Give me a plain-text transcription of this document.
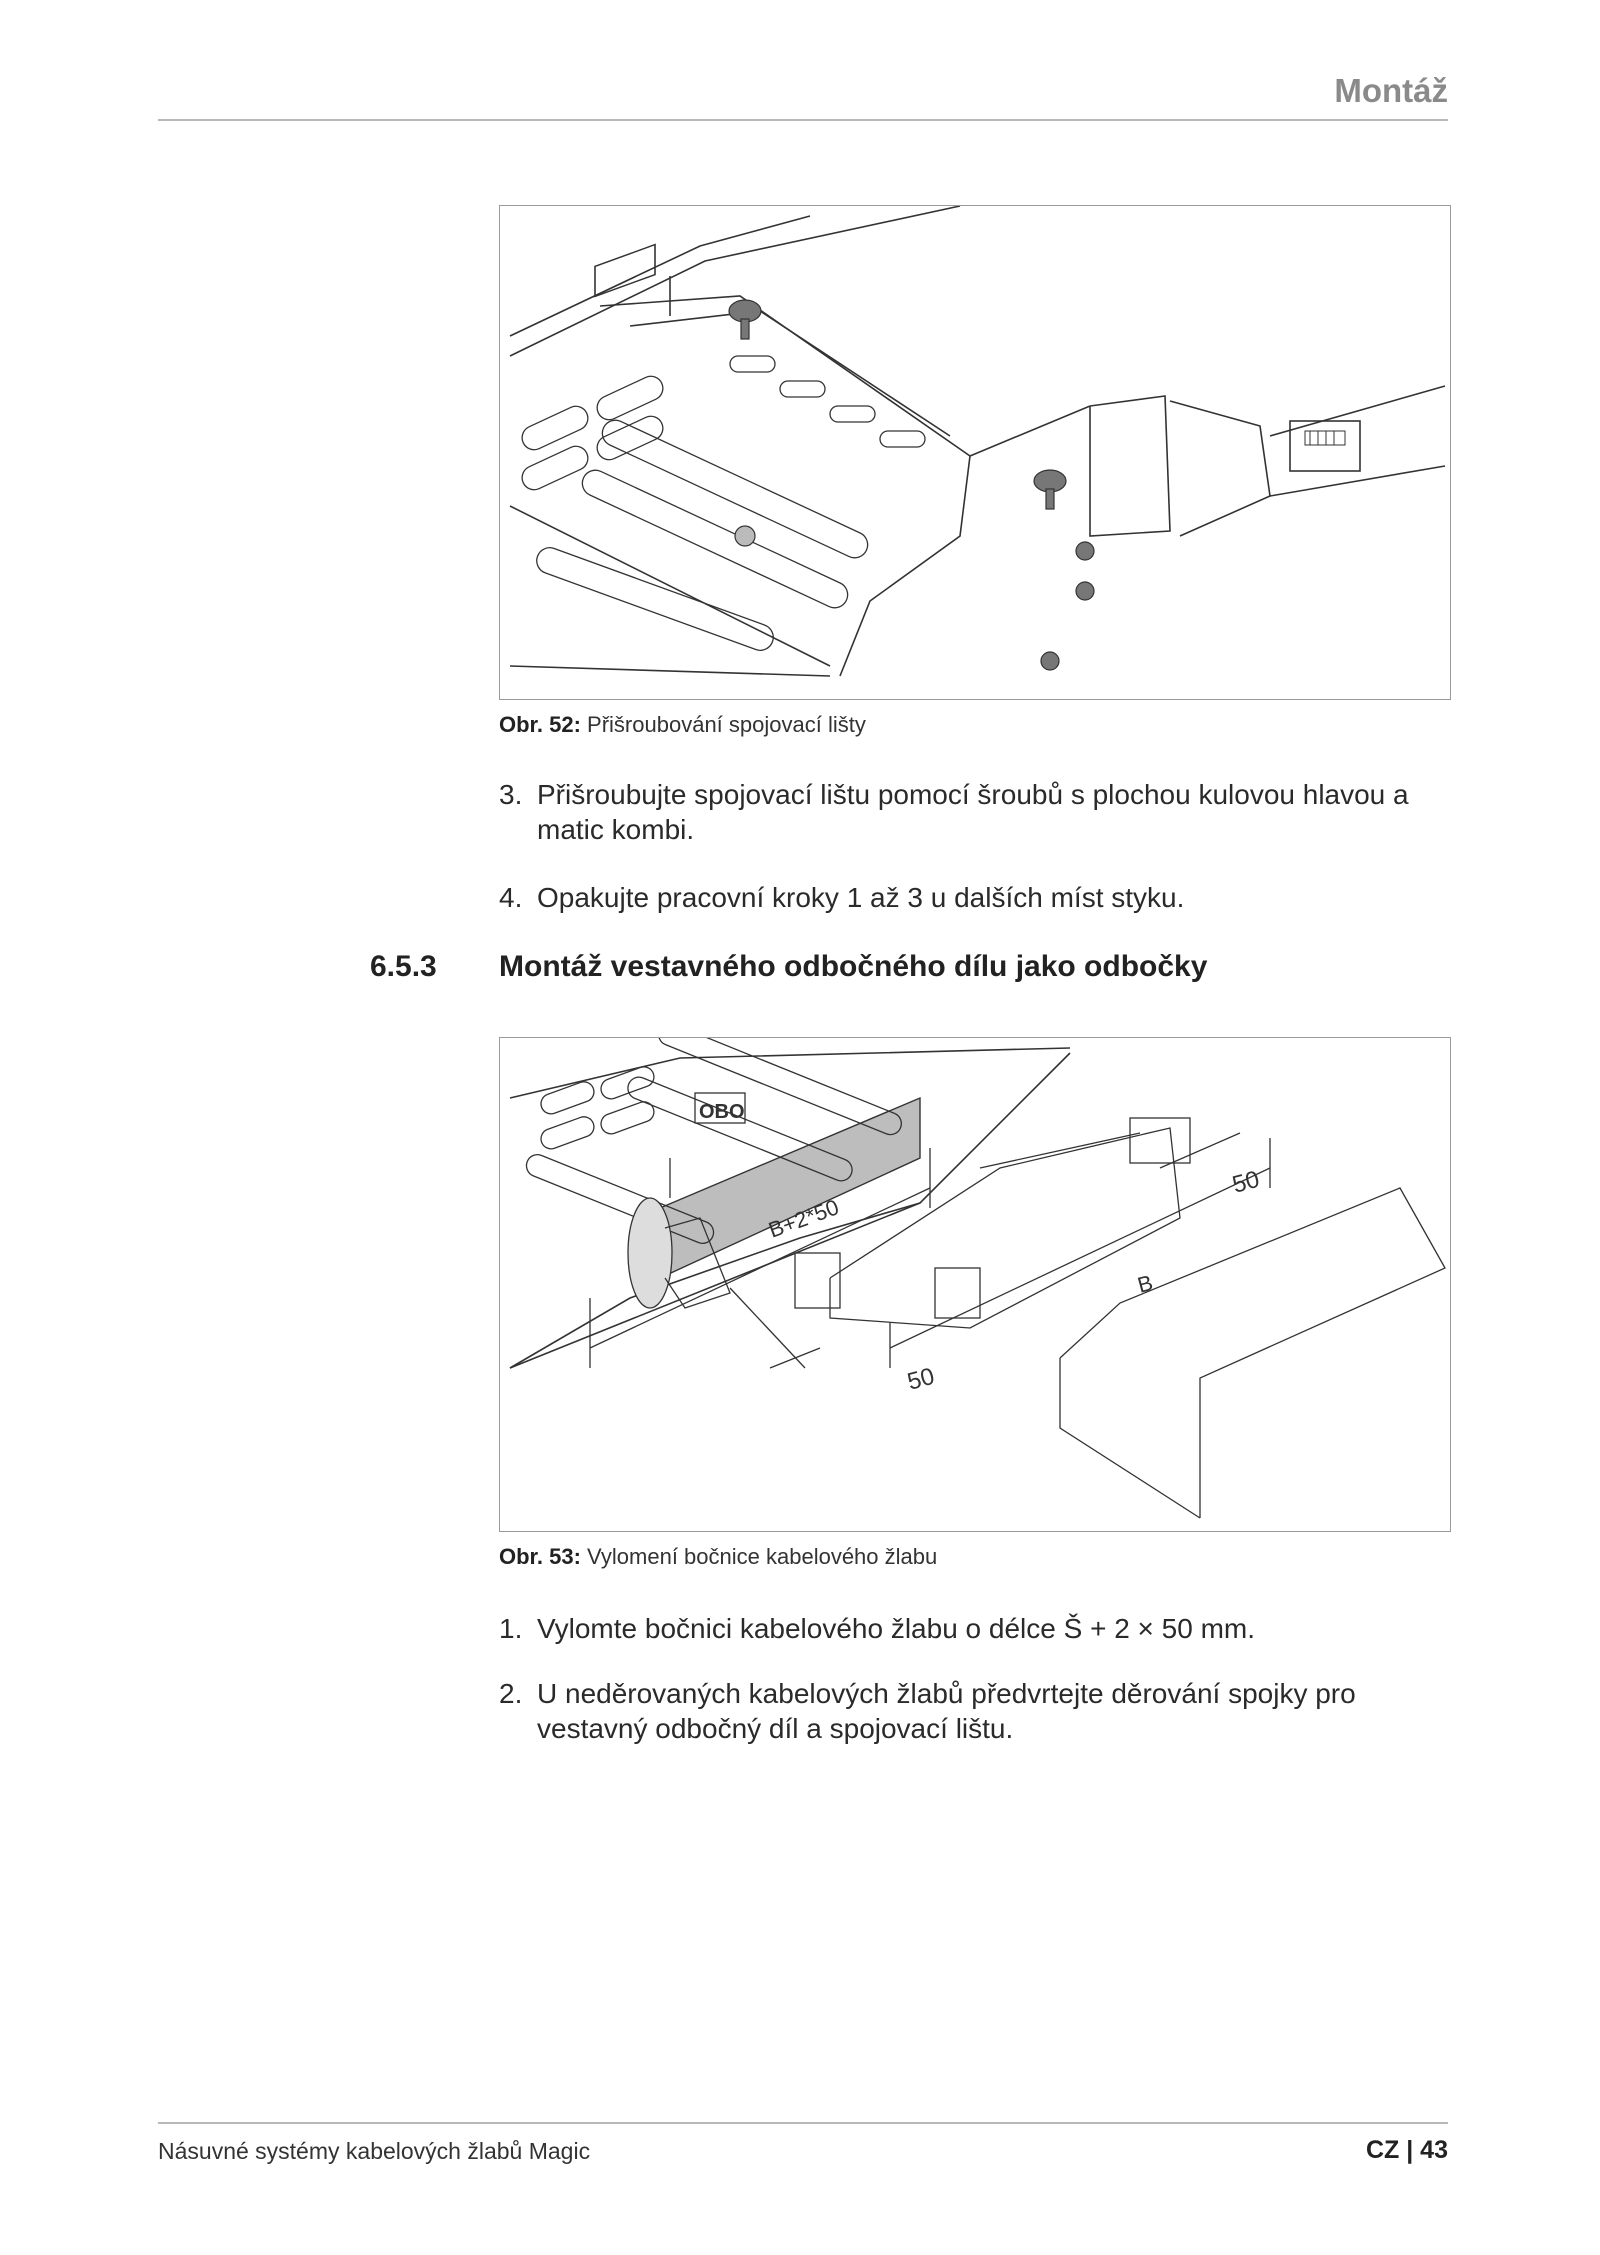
Montáž
Obr. 52: Přišroubování spojovací lišty
3. Přišroubujte spojovací lištu pomocí šroubů s plochou kulovou hlavou a matic kombi.
4. Opakujte pracovní kroky 1 až 3 u dalších míst styku.
6.5.3 Montáž vestavného odbočného dílu jako odbočky
B+2*50
B
50
50
OBO
Obr. 53: Vylomení bočnice kabelového žlabu
1. Vylomte bočnici kabelového žlabu o délce Š + 2 × 50 mm.
2. U neděrovaných kabelových žlabů předvrtejte děrování spojky pro vestavný odbočný díl a spojovací lištu.
Násuvné systémy kabelových žlabů Magic	CZ | 43
